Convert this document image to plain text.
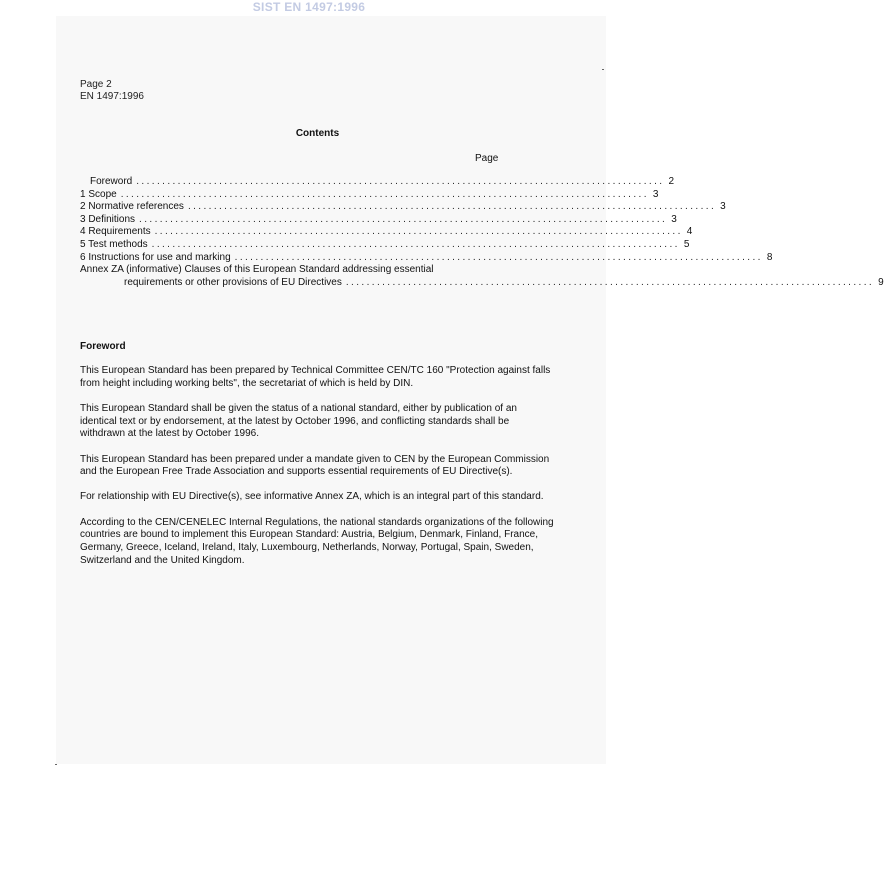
SIST EN 1497:1996
Page 2
EN 1497:1996
Contents
Page
Foreword ...................................................................................................... 2
1 Scope ...................................................................................................... 3
2 Normative references ...................................................................................................... 3
3 Definitions ...................................................................................................... 3
4 Requirements ...................................................................................................... 4
5 Test methods ...................................................................................................... 5
6 Instructions for use and marking ...................................................................................................... 8
Annex ZA (informative) Clauses of this European Standard addressing essential
requirements or other provisions of EU Directives ...................................................................................................... 9
Foreword

This European Standard has been prepared by Technical Committee CEN/TC 160 "Protection against falls from height including working belts", the secretariat of which is held by DIN.

This European Standard shall be given the status of a national standard, either by publication of an identical text or by endorsement, at the latest by October 1996, and conflicting standards shall be withdrawn at the latest by October 1996.

This European Standard has been prepared under a mandate given to CEN by the European Commission and the European Free Trade Association and supports essential requirements of EU Directive(s).

For relationship with EU Directive(s), see informative Annex ZA, which is an integral part of this standard.

According to the CEN/CENELEC Internal Regulations, the national standards organizations of the following countries are bound to implement this European Standard: Austria, Belgium, Denmark, Finland, France, Germany, Greece, Iceland, Ireland, Italy, Luxembourg, Netherlands, Norway, Portugal, Spain, Sweden, Switzerland and the United Kingdom.
